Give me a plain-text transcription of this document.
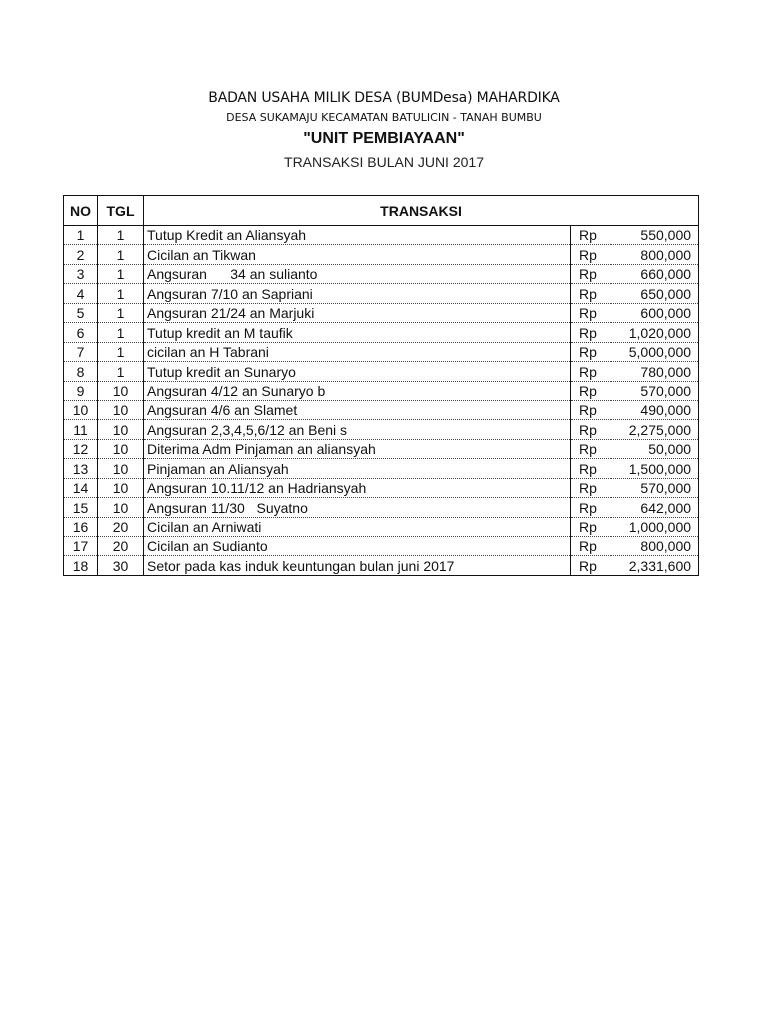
BADAN USAHA MILIK DESA (BUMDesa) MAHARDIKA
DESA SUKAMAJU KECAMATAN BATULICIN - TANAH BUMBU
"UNIT PEMBIAYAAN"
TRANSAKSI BULAN JUNI 2017
NO	TGL	TRANSAKSI		
1	1	Tutup Kredit an Aliansyah	Rp	550,000
2	1	Cicilan an Tikwan	Rp	800,000
3	1	Angsuran      34 an sulianto	Rp	660,000
4	1	Angsuran 7/10 an Sapriani	Rp	650,000
5	1	Angsuran 21/24 an Marjuki	Rp	600,000
6	1	Tutup kredit an M taufik	Rp	1,020,000
7	1	cicilan an H Tabrani	Rp	5,000,000
8	1	Tutup kredit an Sunaryo	Rp	780,000
9	10	Angsuran 4/12 an Sunaryo b	Rp	570,000
10	10	Angsuran 4/6 an Slamet	Rp	490,000
11	10	Angsuran 2,3,4,5,6/12 an Beni s	Rp	2,275,000
12	10	Diterima Adm Pinjaman an aliansyah	Rp	50,000
13	10	Pinjaman an Aliansyah	Rp	1,500,000
14	10	Angsuran 10.11/12 an Hadriansyah	Rp	570,000
15	10	Angsuran 11/30   Suyatno	Rp	642,000
16	20	Cicilan an Arniwati	Rp	1,000,000
17	20	Cicilan an Sudianto	Rp	800,000
18	30	Setor pada kas induk keuntungan bulan juni 2017	Rp	2,331,600
